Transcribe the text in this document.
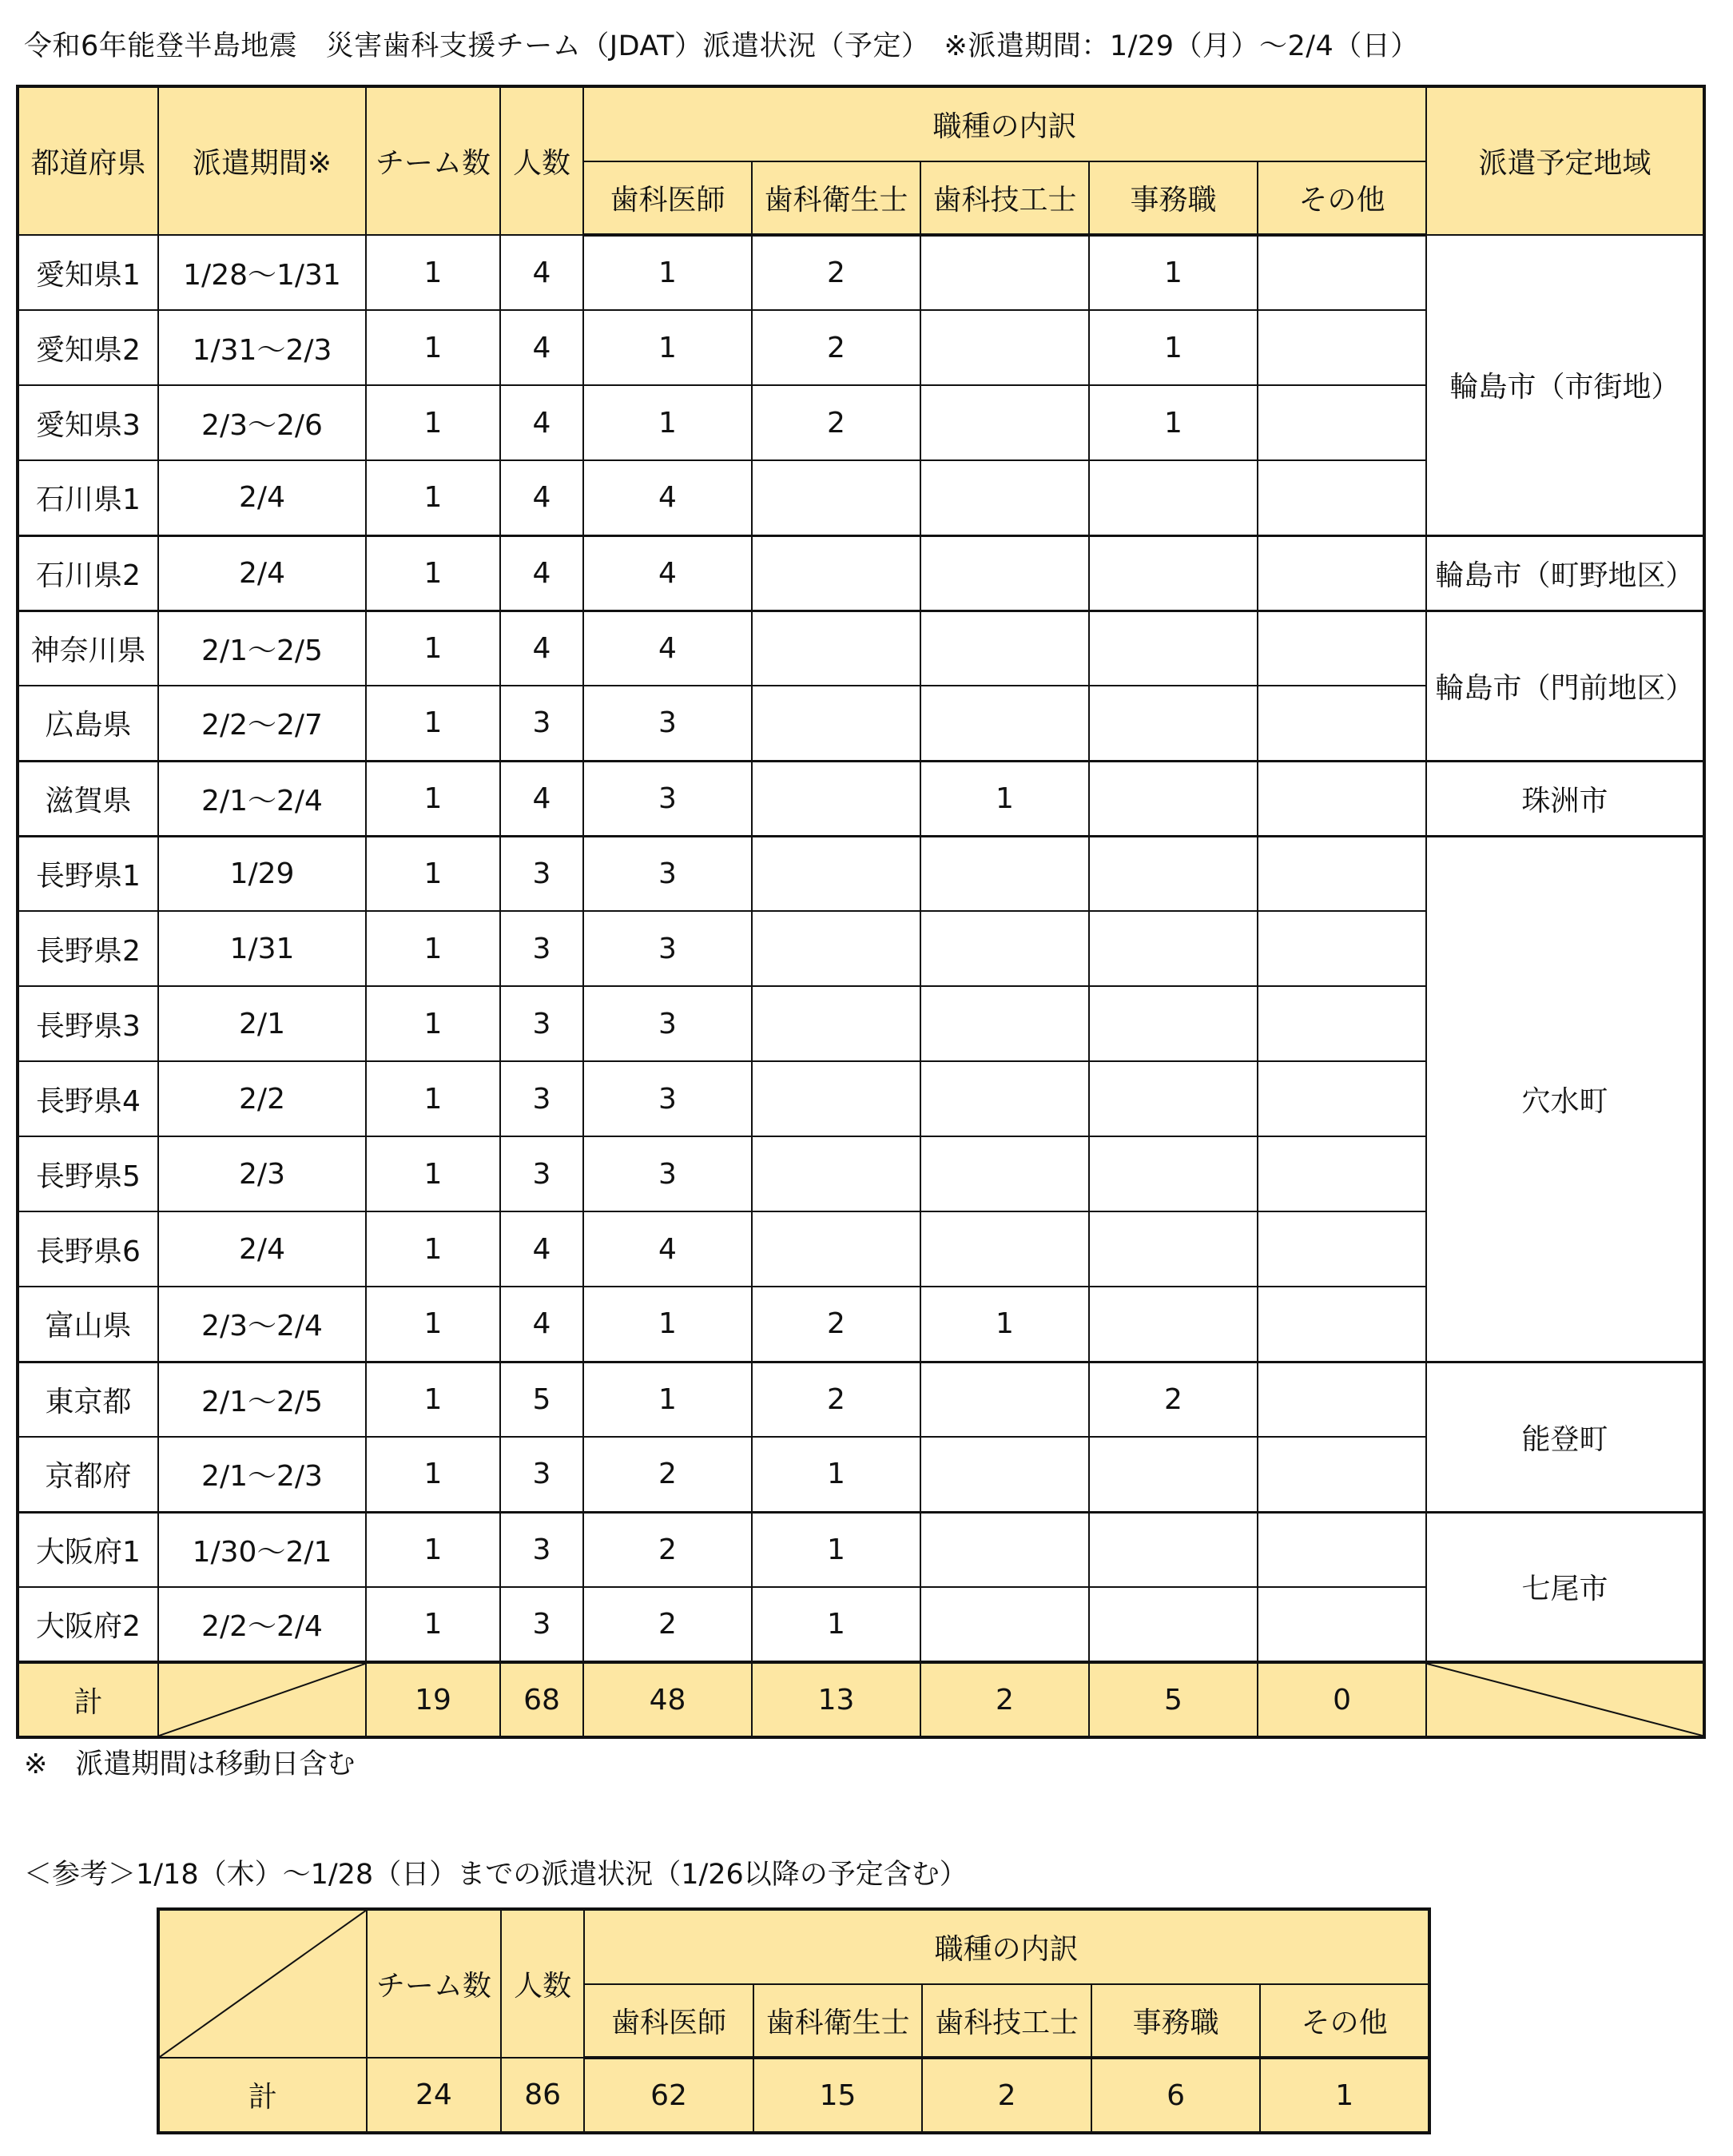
令和6年能登半島地震　災害歯科支援チーム（JDAT）派遣状況（予定）　※派遣期間：1/29（月）～2/4（日）
都道府県	派遣期間※	チーム数	人数	職種の内訳					派遣予定地域
				歯科医師	歯科衛生士	歯科技工士	事務職	その他	
愛知県1	1/28～1/31	1	4	1	2		1		輪島市（市街地）
愛知県2	1/31～2/3	1	4	1	2		1		
愛知県3	2/3～2/6	1	4	1	2		1		
石川県1	2/4	1	4	4					
石川県2	2/4	1	4	4					輪島市（町野地区）
神奈川県	2/1～2/5	1	4	4					輪島市（門前地区）
広島県	2/2～2/7	1	3	3					
滋賀県	2/1～2/4	1	4	3		1			珠洲市
長野県1	1/29	1	3	3					穴水町
長野県2	1/31	1	3	3					
長野県3	2/1	1	3	3					
長野県4	2/2	1	3	3					
長野県5	2/3	1	3	3					
長野県6	2/4	1	4	4					
富山県	2/3～2/4	1	4	1	2	1			
東京都	2/1～2/5	1	5	1	2		2		能登町
京都府	2/1～2/3	1	3	2	1				
大阪府1	1/30～2/1	1	3	2	1				七尾市
大阪府2	2/2～2/4	1	3	2	1				
計		19	68	48	13	2	5	0	
※　派遣期間は移動日含む
＜参考＞1/18（木）～1/28（日）までの派遣状況（1/26以降の予定含む）
	チーム数	人数	職種の内訳				
			歯科医師	歯科衛生士	歯科技工士	事務職	その他
計	24	86	62	15	2	6	1
